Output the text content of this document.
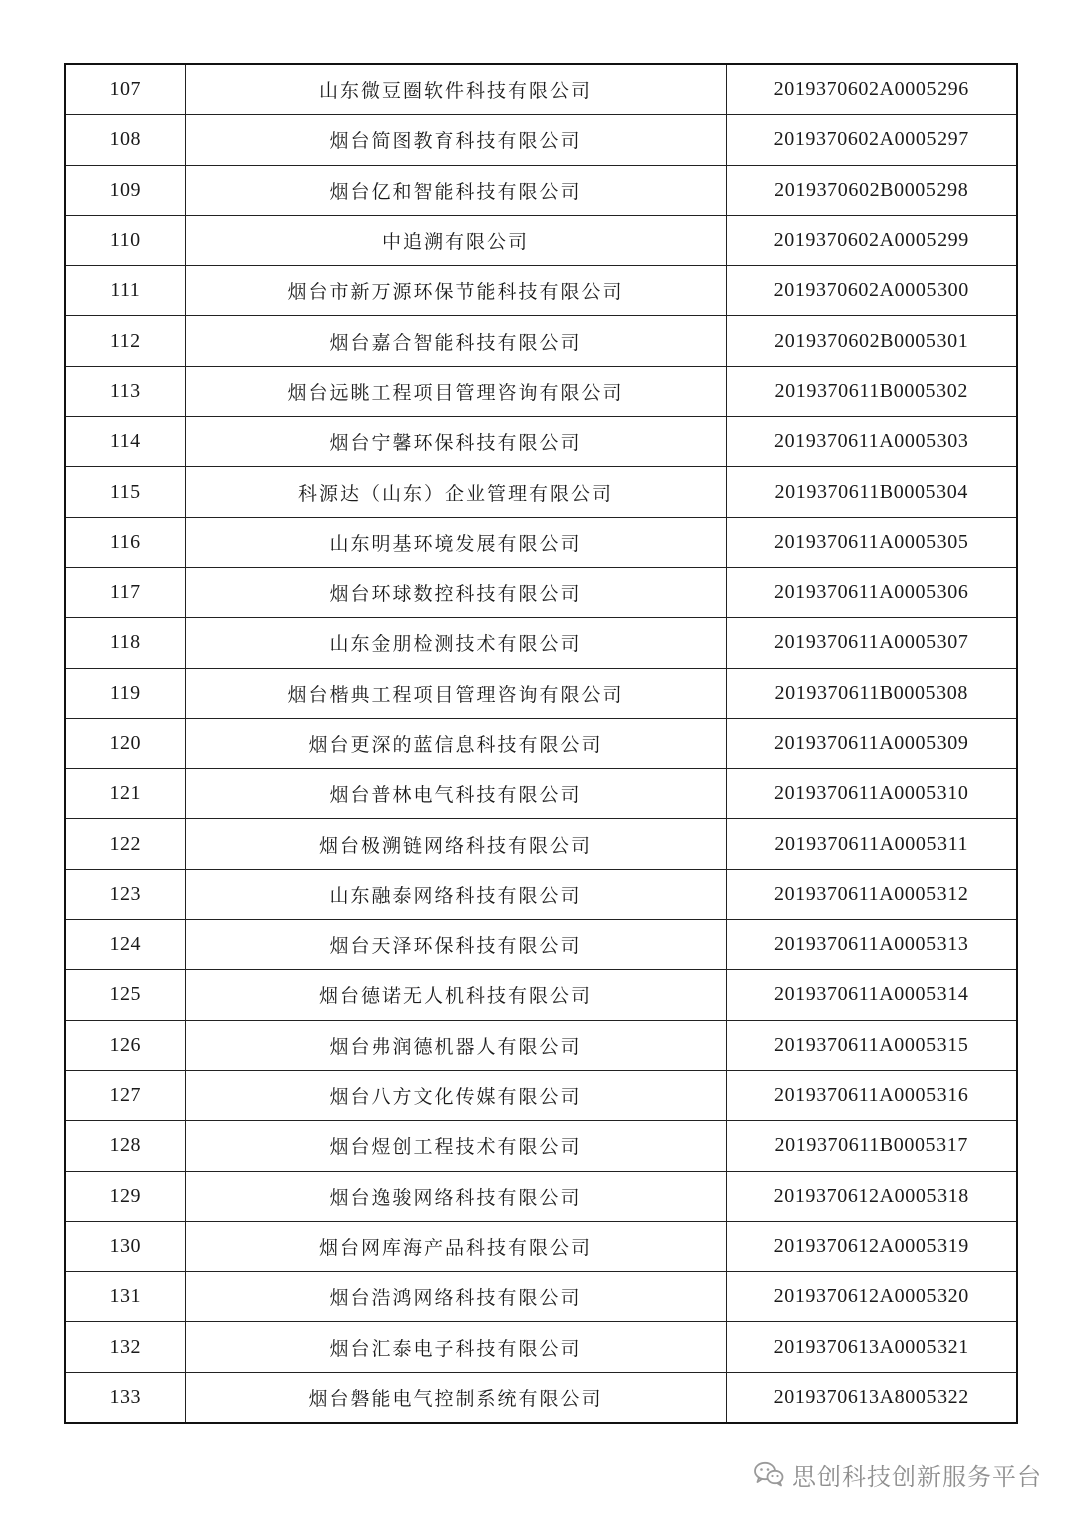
107	山东微豆圈软件科技有限公司	2019370602A0005296
108	烟台简图教育科技有限公司	2019370602A0005297
109	烟台亿和智能科技有限公司	2019370602B0005298
110	中追溯有限公司	2019370602A0005299
111	烟台市新万源环保节能科技有限公司	2019370602A0005300
112	烟台嘉合智能科技有限公司	2019370602B0005301
113	烟台远眺工程项目管理咨询有限公司	2019370611B0005302
114	烟台宁馨环保科技有限公司	2019370611A0005303
115	科源达（山东）企业管理有限公司	2019370611B0005304
116	山东明基环境发展有限公司	2019370611A0005305
117	烟台环球数控科技有限公司	2019370611A0005306
118	山东金朋检测技术有限公司	2019370611A0005307
119	烟台楷典工程项目管理咨询有限公司	2019370611B0005308
120	烟台更深的蓝信息科技有限公司	2019370611A0005309
121	烟台普林电气科技有限公司	2019370611A0005310
122	烟台极溯链网络科技有限公司	2019370611A0005311
123	山东融泰网络科技有限公司	2019370611A0005312
124	烟台天泽环保科技有限公司	2019370611A0005313
125	烟台德诺无人机科技有限公司	2019370611A0005314
126	烟台弗润德机器人有限公司	2019370611A0005315
127	烟台八方文化传媒有限公司	2019370611A0005316
128	烟台煜创工程技术有限公司	2019370611B0005317
129	烟台逸骏网络科技有限公司	2019370612A0005318
130	烟台网库海产品科技有限公司	2019370612A0005319
131	烟台浩鸿网络科技有限公司	2019370612A0005320
132	烟台汇泰电子科技有限公司	2019370613A0005321
133	烟台磐能电气控制系统有限公司	2019370613A8005322
思创科技创新服务平台
